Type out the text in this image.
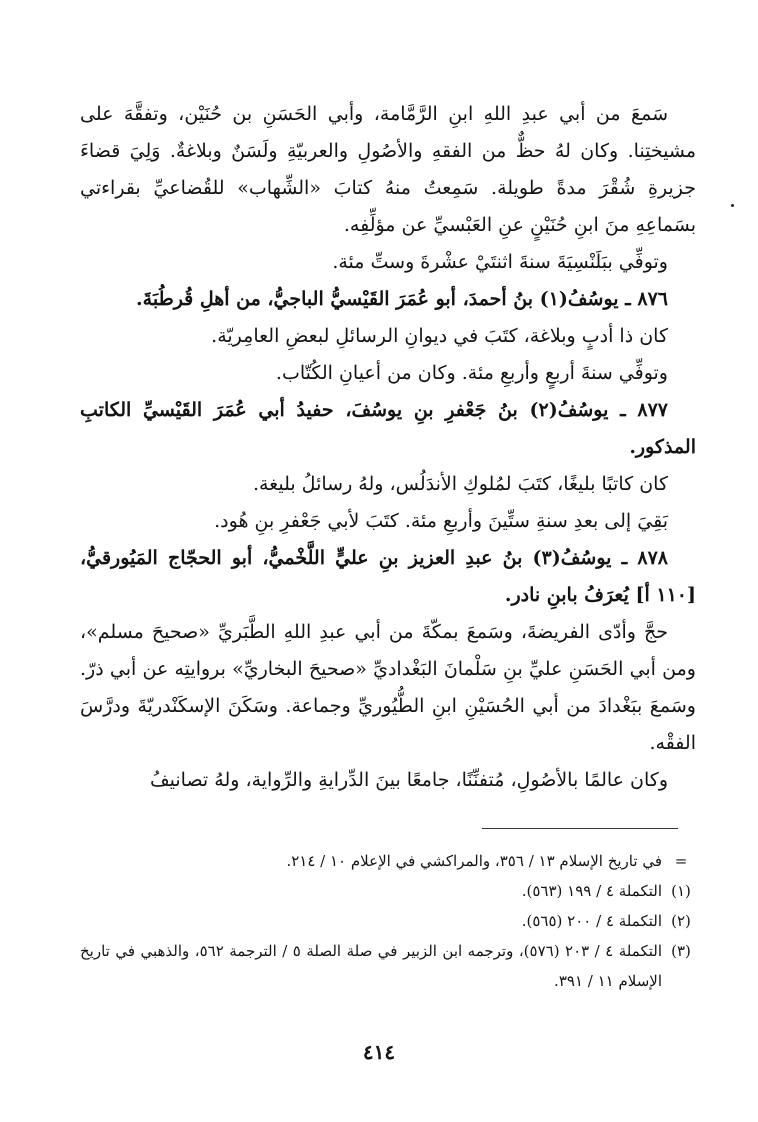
سَمعَ من أبي عبدِ اللهِ ابنِ الرَّمَّامة، وأبي الحَسَنِ بن حُنَيْن، وتفقَّهَ على مشيختِنا. وكان لهُ حظٌّ من الفقهِ والأصُولِ والعربيّةِ ولَسَنٌ وبلاغةٌ. وَلِيَ قضاءَ جزيرةِ شُقْرَ مدةً طويلة. سَمِعتُ منهُ كتابَ «الشِّهاب» للقُضاعيِّ بقراءتي بسَماعِهِ منَ ابنِ حُنَيْنٍ عنِ العَبْسيِّ عن مؤلِّفِه.

وتوفِّي ببَلَنْسِيَةَ سنةَ اثنتَيْ عشْرةَ وستِّ مئة.

٨٧٦ ـ يوسُفُ(١) بنُ أحمدَ، أبو عُمَرَ القَيْسيُّ الباجيُّ، من أهلِ قُرطُبَةَ.

كان ذا أدبٍ وبلاغة، كتَبَ في ديوانِ الرسائلِ لبعضِ العامِريّة.

وتوفِّي سنةَ أربعٍ وأربعِ مئة. وكان من أعيانِ الكُتّاب.

٨٧٧ ـ يوسُفُ(٢) بنُ جَعْفرِ بنِ يوسُفَ، حفيدُ أبي عُمَرَ القَيْسيِّ الكاتبِ المذكور.

كان كاتبًا بليغًا، كتَبَ لمُلوكِ الأندَلُس، ولهُ رسائلُ بليغة.

بَقِيَ إلى بعدِ سنةِ ستِّينَ وأربعِ مئة. كتَبَ لأبي جَعْفرِ بنِ هُود.

٨٧٨ ـ يوسُفُ(٣) بنُ عبدِ العزيز بنِ عليٍّ اللَّخْميُّ، أبو الحجّاج المَيُورقيُّ، [١١٠ أ] يُعرَفُ بابنِ نادر.

حجَّ وأدّى الفريضةَ، وسَمعَ بمكّةَ من أبي عبدِ اللهِ الطَّبَريِّ «صحيحَ مسلم»، ومن أبي الحَسَنِ عليِّ بنِ سَلْمانَ البَغْداديِّ «صحيحَ البخاريِّ» بروايتِه عن أبي ذرّ. وسَمعَ ببَغْدادَ من أبي الحُسَيْنِ ابنِ الطُّيُوريِّ وجماعة. وسَكَنَ الإسكَنْدريّةَ ودرَّسَ الفقْه.

وكان عالمًا بالأصُولِ، مُتفنِّنًا، جامعًا بينَ الدِّرايةِ والرِّواية، ولهُ تصانيفُ

=
في تاريخ الإسلام ١٣ / ٣٥٦، والمراكشي في الإعلام ١٠ / ٢١٤.

(١)
التكملة ٤ / ١٩٩ (٥٦٣).

(٢)
التكملة ٤ / ٢٠٠ (٥٦٥).

(٣)
التكملة ٤ / ٢٠٣ (٥٧٦)، وترجمه ابن الزبير في صلة الصلة ٥ / الترجمة ٥٦٢، والذهبي في تاريخ الإسلام ١١ / ٣٩١.

٤١٤
